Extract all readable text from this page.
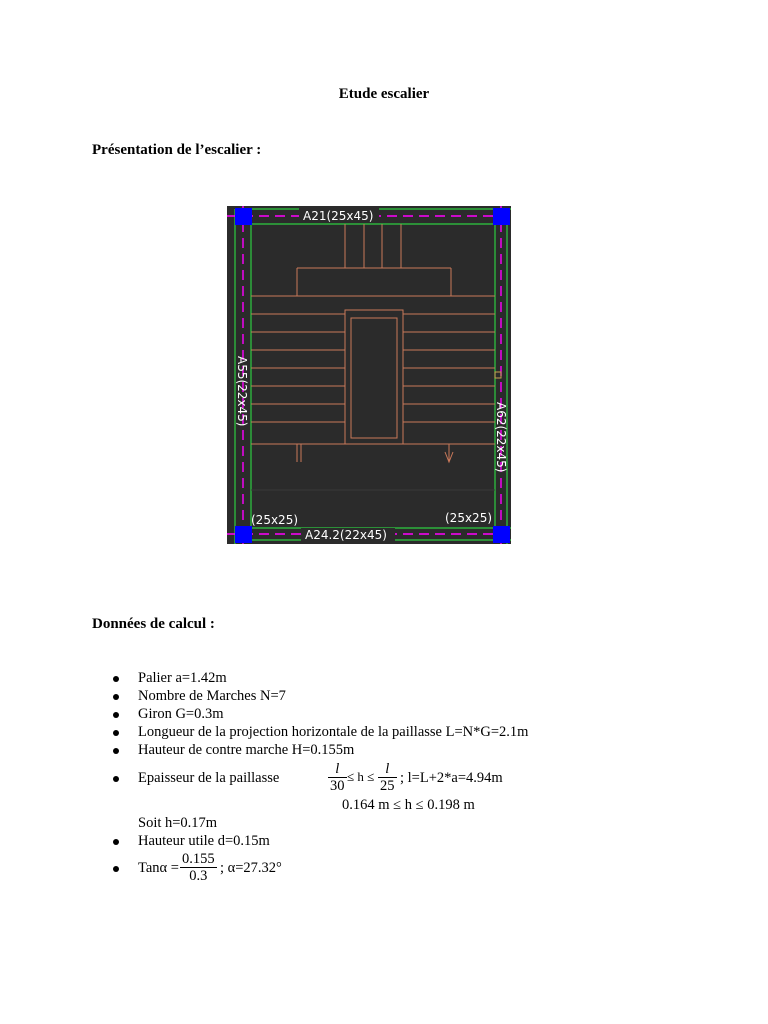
Etude escalier
Présentation de l’escalier :
A21(25x45)
(25x25)	(25x25)
A24.2(22x45)
A55(22x45)
A62(22x45)
Données de calcul :
Palier a=1.42m
Nombre de Marches N=7
Giron G=0.3m
Longueur de la projection horizontale de la paillasse L=N*G=2.1m
Hauteur de contre marche H=0.155m
Epaisseur de la paillasse	$\frac{l}{30} \le h \le \frac{l}{25}$ ; l=L+2*a=4.94m
0.164 m ≤ h ≤ 0.198 m
Soit h=0.17m
Hauteur utile d=0.15m
$Tan\alpha = \frac{0.155}{0.3}$ ; α=27.32°
